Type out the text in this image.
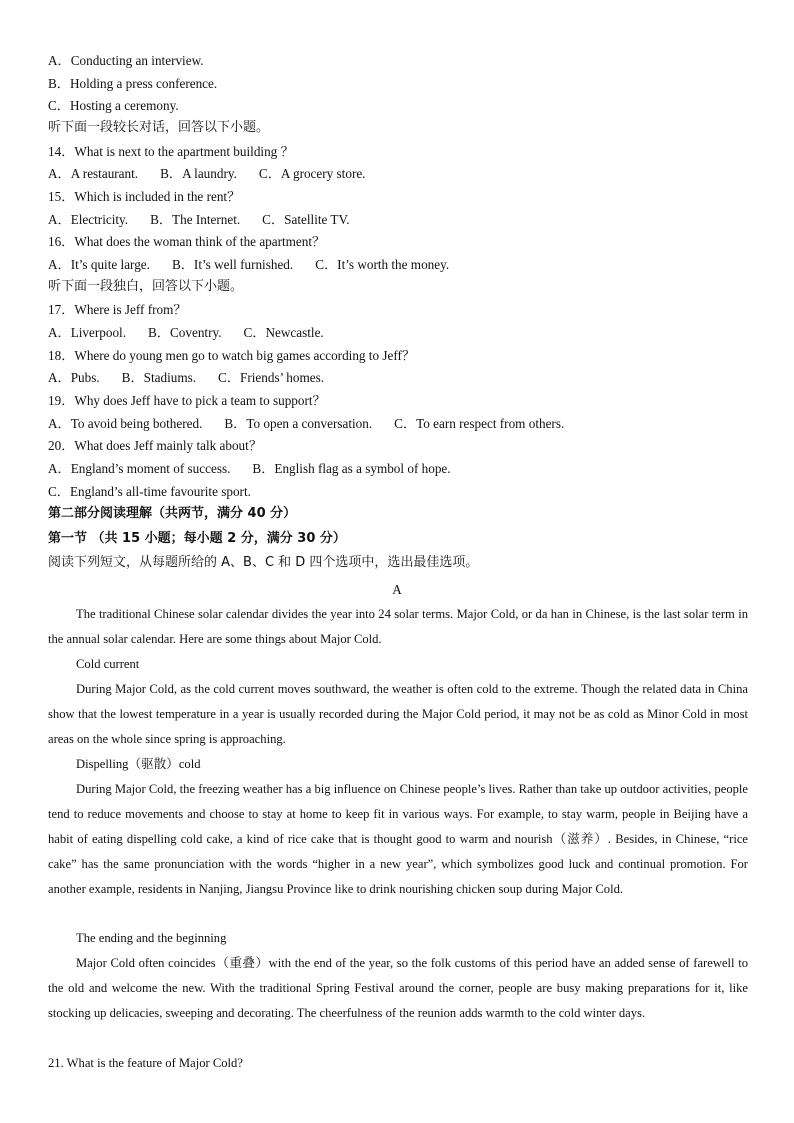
A．Conducting an interview.
B．Holding a press conference.
C．Hosting a ceremony.
听下面一段较长对话，回答以下小题。
14．What is next to the apartment building ？
A．A restaurant. B．A laundry. C．A grocery store.
15．Which is included in the rent？
A．Electricity. B．The Internet. C．Satellite TV.
16．What does the woman think of the apartment？
A．It’s quite large. B．It’s well furnished. C．It’s worth the money.
听下面一段独白，回答以下小题。
17．Where is Jeff from？
A．Liverpool. B．Coventry. C．Newcastle.
18．Where do young men go to watch big games according to Jeff？
A．Pubs. B．Stadiums. C．Friends’ homes.
19．Why does Jeff have to pick a team to support？
A．To avoid being bothered. B．To open a conversation. C．To earn respect from others.
20．What does Jeff mainly talk about？
A．England’s moment of success. B．English flag as a symbol of hope.
C．England’s all-time favourite sport.
第二部分阅读理解（共两节，满分 40 分）
第一节 （共 15 小题；每小题 2 分，满分 30 分）
阅读下列短文，从每题所给的 A、B、C 和 D 四个选项中，选出最佳选项。
A
The traditional Chinese solar calendar divides the year into 24 solar terms. Major Cold, or da han in Chinese, is the last solar term in the annual solar calendar. Here are some things about Major Cold.
Cold current
During Major Cold, as the cold current moves southward, the weather is often cold to the extreme. Though the related data in China show that the lowest temperature in a year is usually recorded during the Major Cold period, it may not be as cold as Minor Cold in most areas on the whole since spring is approaching.
Dispelling（驱散）cold
During Major Cold, the freezing weather has a big influence on Chinese people’s lives. Rather than take up outdoor activities, people tend to reduce movements and choose to stay at home to keep fit in various ways. For example, to stay warm, people in Beijing have a habit of eating dispelling cold cake, a kind of rice cake that is thought good to warm and nourish（滋养）. Besides, in Chinese, “rice cake” has the same pronunciation with the words “higher in a new year”, which symbolizes good luck and continual promotion. For another example, residents in Nanjing, Jiangsu Province like to drink nourishing chicken soup during Major Cold.
The ending and the beginning
Major Cold often coincides（重叠）with the end of the year, so the folk customs of this period have an added sense of farewell to the old and welcome the new. With the traditional Spring Festival around the corner, people are busy making preparations for it, like stocking up delicacies, sweeping and decorating. The cheerfulness of the reunion adds warmth to the cold winter days.
21. What is the feature of Major Cold?
